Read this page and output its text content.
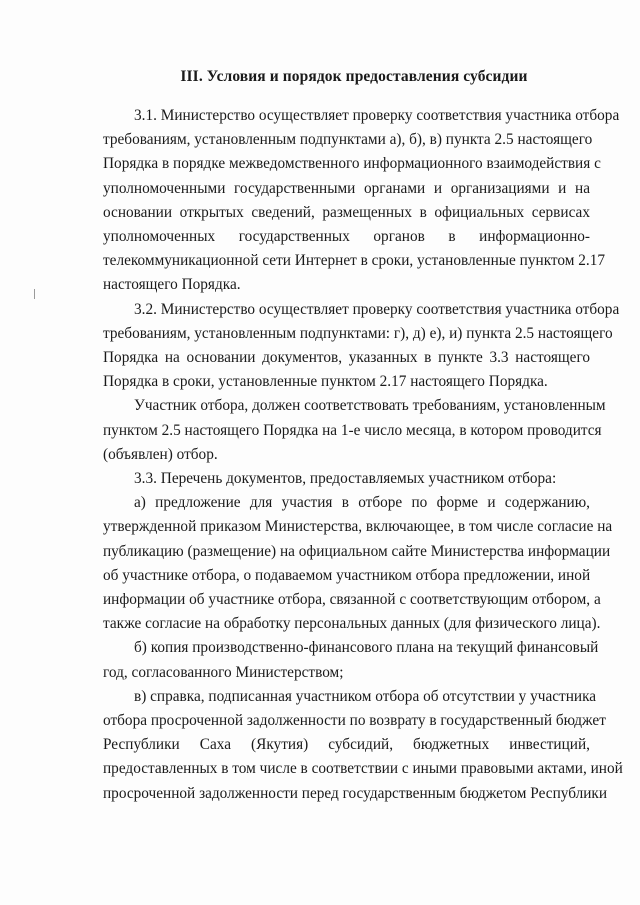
III. Условия и порядок предоставления субсидии
3.1. Министерство осуществляет проверку соответствия участника отбора
требованиям, установленным подпунктами а), б), в) пункта 2.5 настоящего
Порядка в порядке межведомственного информационного взаимодействия с
уполномоченными государственными органами и организациями и на
основании открытых сведений, размещенных в официальных сервисах
уполномоченных государственных органов в информационно-
телекоммуникационной сети Интернет в сроки, установленные пунктом 2.17
настоящего Порядка.
3.2. Министерство осуществляет проверку соответствия участника отбора
требованиям, установленным подпунктами: г), д) е), и) пункта 2.5 настоящего
Порядка на основании документов, указанных в пункте 3.3 настоящего
Порядка в сроки, установленные пунктом 2.17 настоящего Порядка.
Участник отбора, должен соответствовать требованиям, установленным
пунктом 2.5 настоящего Порядка на 1-е число месяца, в котором проводится
(объявлен) отбор.
3.3. Перечень документов, предоставляемых участником отбора:
а) предложение для участия в отборе по форме и содержанию,
утвержденной приказом Министерства, включающее, в том числе согласие на
публикацию (размещение) на официальном сайте Министерства информации
об участнике отбора, о подаваемом участником отбора предложении, иной
информации об участнике отбора, связанной с соответствующим отбором, а
также согласие на обработку персональных данных (для физического лица).
б) копия производственно-финансового плана на текущий финансовый
год, согласованного Министерством;
в) справка, подписанная участником отбора об отсутствии у участника
отбора просроченной задолженности по возврату в государственный бюджет
Республики Саха (Якутия) субсидий, бюджетных инвестиций,
предоставленных в том числе в соответствии с иными правовыми актами, иной
просроченной задолженности перед государственным бюджетом Республики
